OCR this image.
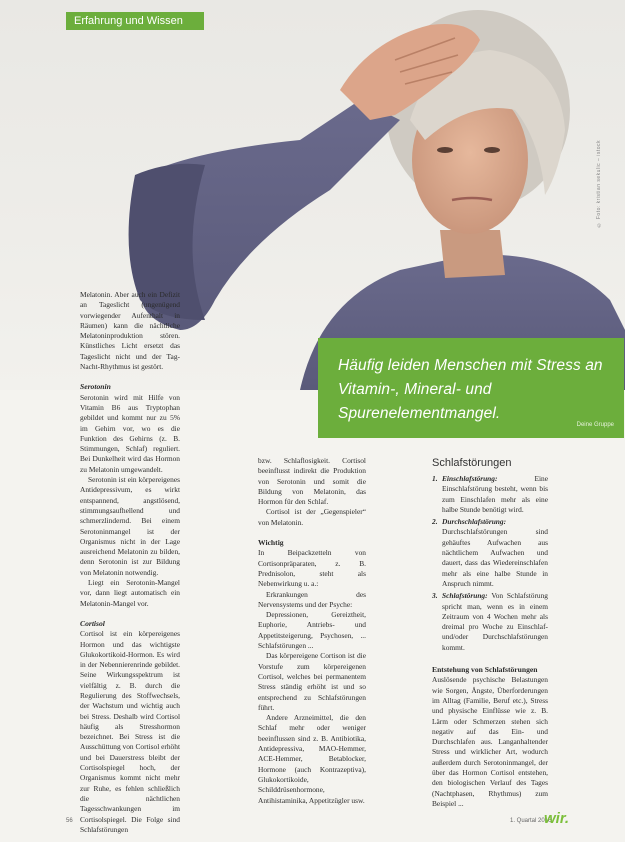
Erfahrung und Wissen
© Foto: kristian sekulic – istock
Häufig leiden Menschen mit Stress an Vitamin-, Mineral- und Spurenelementmangel.
Deine Gruppe

Melatonin. Aber auch ein Defizit an Tageslicht (ungenügend vorwiegender Aufenthalt in Räumen) kann die nächtliche Melatoninproduktion stören. Künstliches Licht ersetzt das Tageslicht nicht und der Tag-Nacht-Rhythmus ist gestört.

Serotonin

Serotonin wird mit Hilfe von Vitamin B6 aus Tryptophan gebildet und kommt nur zu 5% im Gehirn vor, wo es die Funktion des Gehirns (z. B. Stimmungen, Schlaf) reguliert. Bei Dunkelheit wird das Hormon zu Melatonin umgewandelt.

Serotonin ist ein körpereigenes Antidepressivum, es wirkt entspannend, angstlösend, stimmungsaufhellend und schmerzlindernd. Bei einem Serotoninmangel ist der Organismus nicht in der Lage ausreichend Melatonin zu bilden, denn Serotonin ist zur Bildung von Melatonin notwendig.

Liegt ein Serotonin-Mangel vor, dann liegt automatisch ein Melatonin-Mangel vor.

Cortisol

Cortisol ist ein körpereigenes Hormon und das wichtigste Glukokortikoid-Hormon. Es wird in der Nebennierenrinde gebildet. Seine Wirkungsspektrum ist vielfältig z. B. durch die Regulierung des Stoffwechsels, der Wachstum und wichtig auch bei Stress. Deshalb wird Cortisol häufig als Stresshormon bezeichnet. Bei Stress ist die Ausschüttung von Cortisol erhöht und bei Dauerstress bleibt der Cortisolspiegel hoch, der Organismus kommt nicht mehr zur Ruhe, es fehlen schließlich die nächtlichen Tagesschwankungen im Cortisolspiegel. Die Folge sind Schlafstörungen

bzw. Schlaflosigkeit. Cortisol beeinflusst indirekt die Produktion von Serotonin und somit die Bildung von Melatonin, das Hormon für den Schlaf.

Cortisol ist der „Gegenspieler“ von Melatonin.

Wichtig

In Beipackzetteln von Cortisonpräparaten, z. B. Prednisolon, steht als Nebenwirkung u. a.:

Erkrankungen des Nervensystems und der Psyche:

Depressionen, Gereiztheit, Euphorie, Antriebs- und Appetitsteigerung, Psychosen, ... Schlafstörungen ...

Das körpereigene Cortison ist die Vorstufe zum körpereigenen Cortisol, welches bei permanentem Stress ständig erhöht ist und so entsprechend zu Schlafstörungen führt.

Andere Arzneimittel, die den Schlaf mehr oder weniger beeinflussen sind z. B. Antibiotika, Antidepressiva, MAO-Hemmer, ACE-Hemmer, Betablocker, Hormone (auch Kontrazeptiva), Glukokortikoide, Schilddrüsenhormone, Antihistaminika, Appetitzügler usw.

Schlafstörungen
1. Einschlafstörung:	Eine Einschlafstörung besteht, wenn bis zum Einschlafen mehr als eine halbe Stunde benötigt wird.
2. Durchschlafstörung: Durchschlafstörungen sind gehäuftes Aufwachen aus nächtlichem Aufwachen und dauert, dass das Wiedereinschlafen mehr als eine halbe Stunde in Anspruch nimmt.
3. Schlafstörung: Von Schlafstörung spricht man, wenn es in einem Zeitraum von 4 Wochen mehr als dreimal pro Woche zu Einschlaf- und/oder Durchschlafstörungen kommt.
Entstehung von Schlafstörungen

Auslösende psychische Belastungen wie Sorgen, Ängste, Überforderungen im Alltag (Familie, Beruf etc.), Stress und physische Einflüsse wie z. B. Lärm oder Schmerzen stehen sich negativ auf das Ein- und Durchschlafen aus. Langanhaltender Stress und wirklicher Art, wodurch außerdem durch Serotoninmangel, der über das Hormon Cortisol entstehen, den biologischen Verlauf des Tages (Nachtphasen, Rhythmus) zum Beispiel ...

56	1. Quartal 2016
wir.
